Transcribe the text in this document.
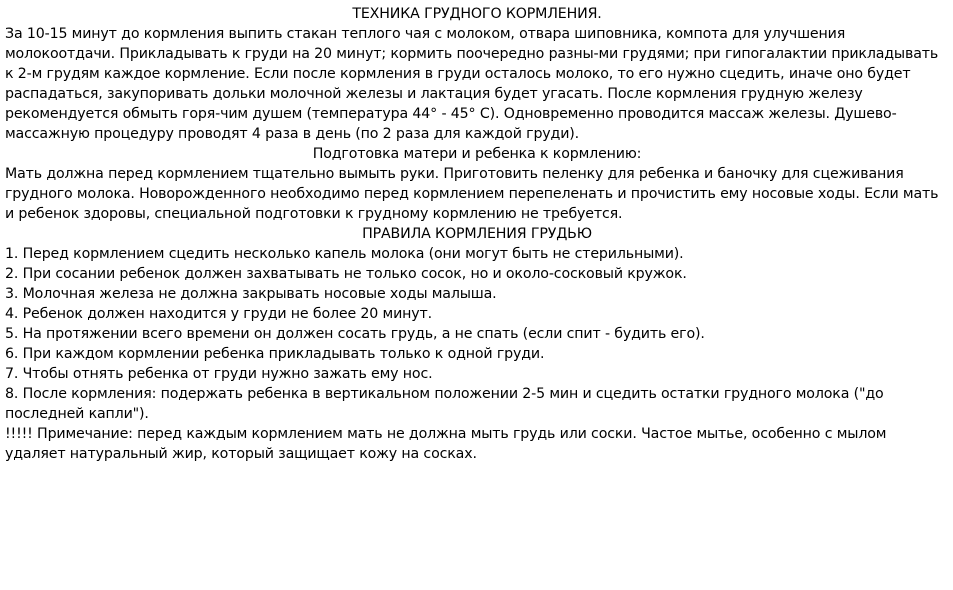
ТЕХНИКА ГРУДНОГО КОРМЛЕНИЯ.

За 10-15 минут до кормления выпить стакан теплого чая с молоком, отвара шиповника, компота для улучшения молокоотдачи. Прикладывать к груди на 20 минут; кормить поочередно разны-ми грудями; при гипогалактии прикладывать к 2-м грудям каждое кормление. Если после кормления в груди осталось молоко, то его нужно сцедить, иначе оно будет распадаться, закупоривать дольки молочной железы и лактация будет угасать. После кормления грудную железу рекомендуется обмыть горя-чим душем (температура 44° - 45° С). Одновременно проводится массаж железы. Душево-массажную процедуру проводят 4 раза в день (по 2 раза для каждой груди).

Подготовка матери и ребенка к кормлению:

Мать должна перед кормлением тщательно вымыть руки. Приготовить пеленку для ребенка и баночку для сцеживания грудного молока. Новорожденного необходимо перед кормлением перепеленать и прочистить ему носовые ходы. Если мать и ребенок здоровы, специальной подготовки к грудному кормлению не требуется.

ПРАВИЛА КОРМЛЕНИЯ ГРУДЬЮ

1. Перед кормлением сцедить несколько капель молока (они могут быть не стерильными).
2. При сосании ребенок должен захватывать не только сосок, но и около-сосковый кружок.
3. Молочная железа не должна закрывать носовые ходы малыша.
4. Ребенок должен находится у груди не более 20 минут.
5. На протяжении всего времени он должен сосать грудь, а не спать (если спит - будить его).
6. При каждом кормлении ребенка прикладывать только к одной груди.
7. Чтобы отнять ребенка от груди нужно зажать ему нос.
8. После кормления: подержать ребенка в вертикальном положении 2-5 мин и сцедить остатки грудного молока ("до последней капли").

!!!!! Примечание: перед каждым кормлением мать не должна мыть грудь или соски. Частое мытье, особенно с мылом удаляет натуральный жир, который защищает кожу на сосках.
